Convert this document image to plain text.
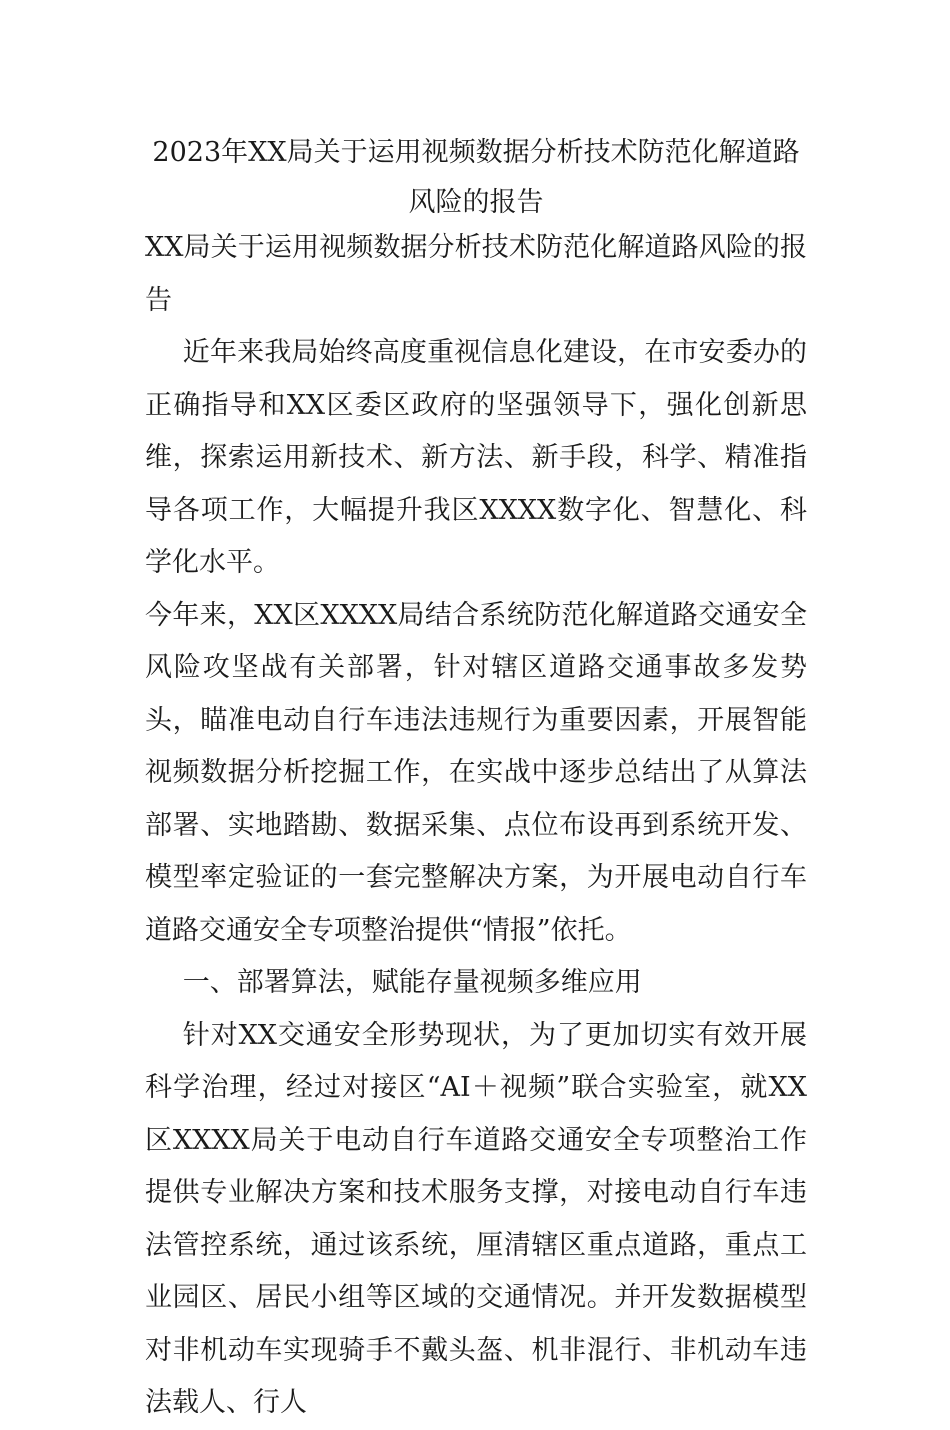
2023年XX局关于运用视频数据分析技术防范化解道路风险的报告

XX局关于运用视频数据分析技术防范化解道路风险的报告

近年来我局始终高度重视信息化建设，在市安委办的正确指导和XX区委区政府的坚强领导下，强化创新思维，探索运用新技术、新方法、新手段，科学、精准指导各项工作，大幅提升我区XXXX数字化、智慧化、科学化水平。

今年来，XX区XXXX局结合系统防范化解道路交通安全风险攻坚战有关部署，针对辖区道路交通事故多发势头，瞄准电动自行车违法违规行为重要因素，开展智能视频数据分析挖掘工作，在实战中逐步总结出了从算法部署、实地踏勘、数据采集、点位布设再到系统开发、模型率定验证的一套完整解决方案，为开展电动自行车道路交通安全专项整治提供“情报”依托。

一、部署算法，赋能存量视频多维应用

针对XX交通安全形势现状，为了更加切实有效开展科学治理，经过对接区“AI＋视频”联合实验室，就XX区XXXX局关于电动自行车道路交通安全专项整治工作提供专业解决方案和技术服务支撑，对接电动自行车违法管控系统，通过该系统，厘清辖区重点道路，重点工业园区、居民小组等区域的交通情况。并开发数据模型对非机动车实现骑手不戴头盔、机非混行、非机动车违法载人、行人
